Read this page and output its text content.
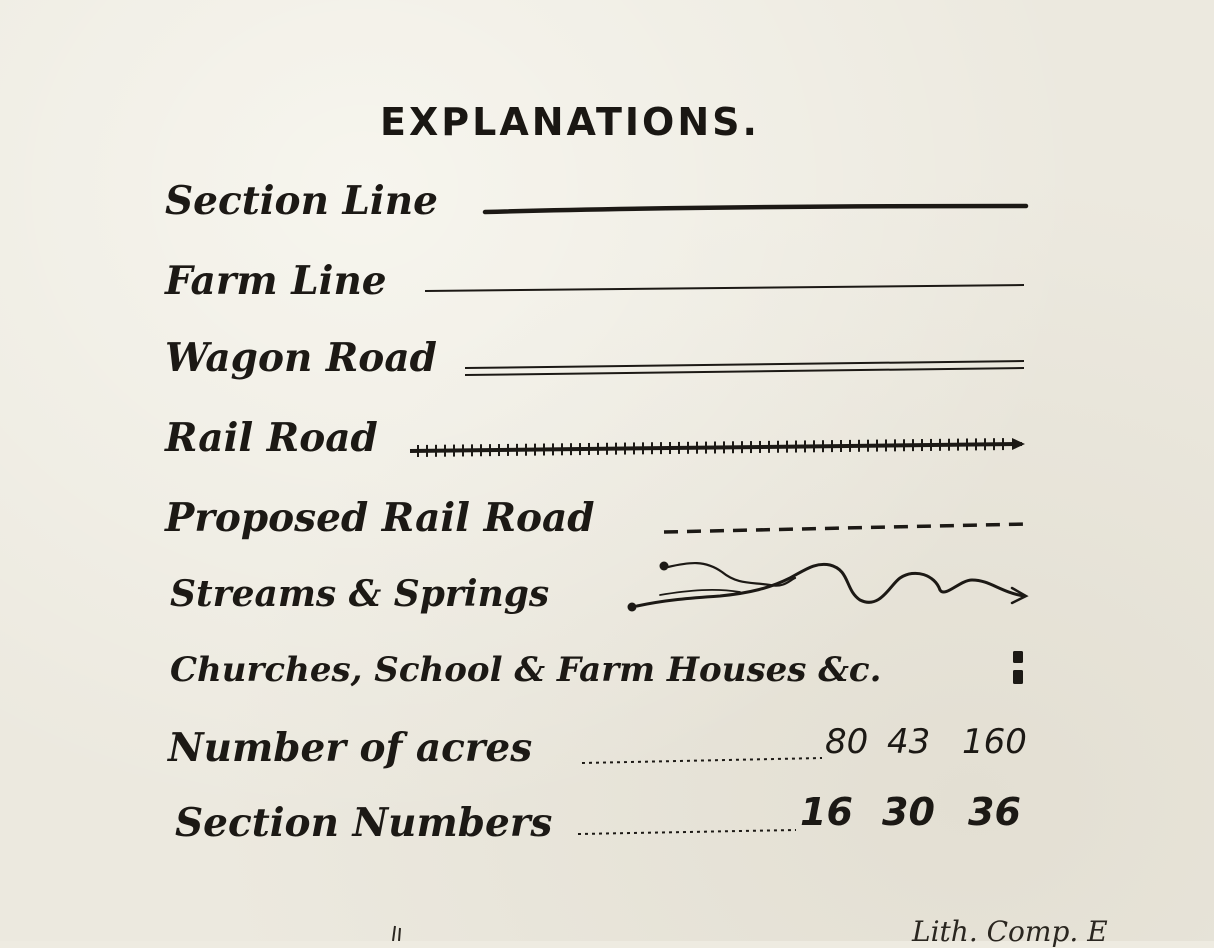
EXPLANATIONS.
Section Line
Farm Line
Wagon Road
Rail Road
Proposed Rail Road
Streams & Springs
Churches, School & Farm Houses &c.
Number of acres
Section Numbers
80 43 160
16 30 36
Lith. Comp. E
